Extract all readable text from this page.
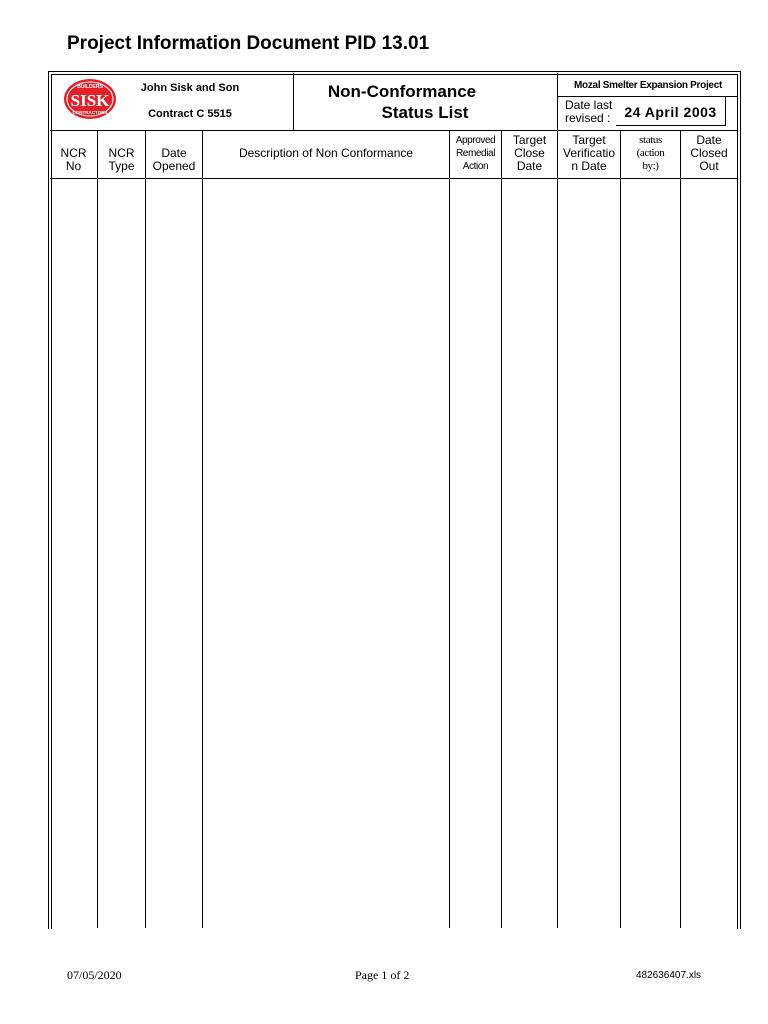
Project Information Document PID 13.01
BUILDERS
SISK
CONTRACTORS
John Sisk and Son
Contract C 5515
Non-Conformance
Status List
Mozal Smelter Expansion Project
Date last
revised : 24 April 2003
NCR
No
NCR
Type
Date
Opened
Description of Non Conformance
Approved
Remedial
Action
Target
Close
Date
Target
Verificatio
n Date
status
(action
by:)
Date
Closed
Out
07/05/2020	Page 1 of 2	482636407.xls
